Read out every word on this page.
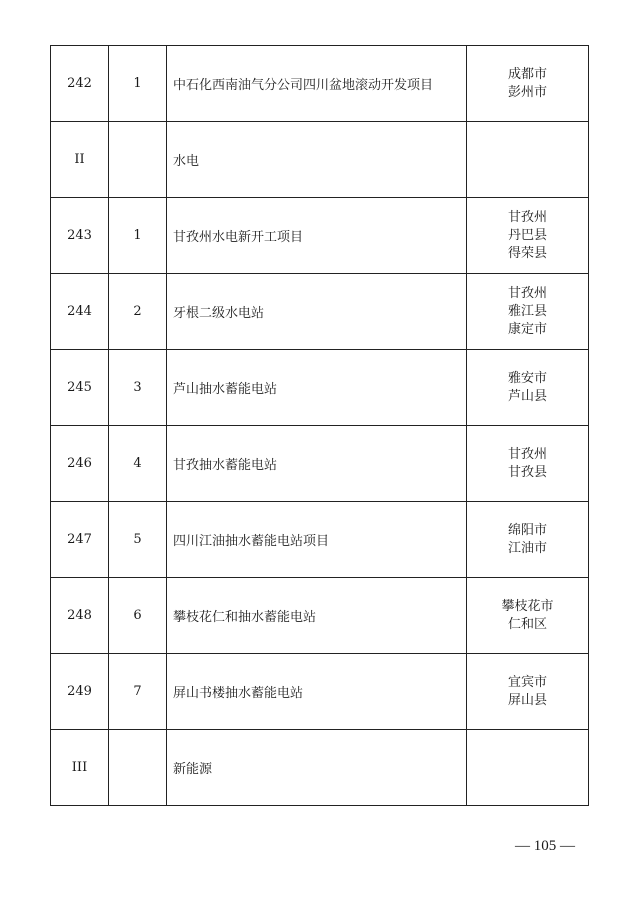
242	1	中石化西南油气分公司四川盆地滚动开发项目	成都市
彭州市

II		水电	
243	1	甘孜州水电新开工项目	甘孜州
丹巴县
得荣县

244	2	牙根二级水电站	甘孜州
雅江县
康定市

245	3	芦山抽水蓄能电站	雅安市
芦山县

246	4	甘孜抽水蓄能电站	甘孜州
甘孜县

247	5	四川江油抽水蓄能电站项目	绵阳市
江油市

248	6	攀枝花仁和抽水蓄能电站	攀枝花市
仁和区

249	7	屏山书楼抽水蓄能电站	宜宾市
屏山县

III		新能源	
— 105 —
